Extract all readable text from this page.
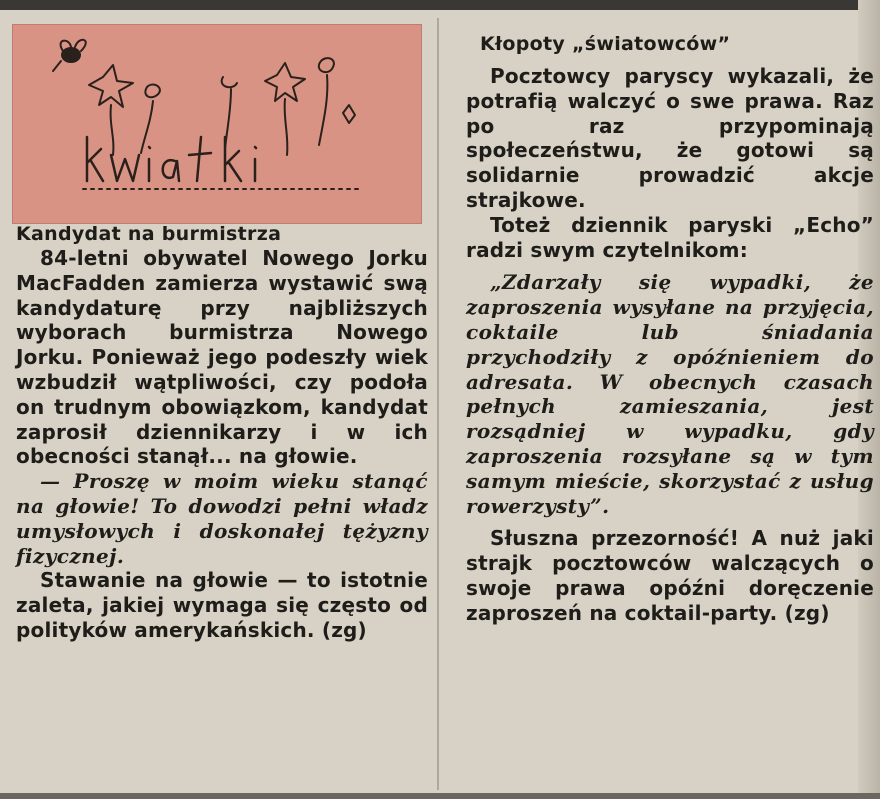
Kandydat na burmistrza

84-letni obywatel Nowego Jorku MacFadden zamierza wystawić swą kandydaturę przy najbliższych wyborach burmistrza Nowego Jorku. Ponieważ jego podeszły wiek wzbudził wątpliwości, czy podoła on trudnym obowiązkom, kandydat zaprosił dziennikarzy i w ich obecności stanął... na głowie.

— Proszę w moim wieku stanąć na głowie! To dowodzi pełni władz umysłowych i doskonałej tężyzny fizycznej.

Stawanie na głowie — to istotnie zaleta, jakiej wymaga się często od polityków amerykańskich. (zg)

Kłopoty „światowców”

Pocztowcy paryscy wykazali, że potrafią walczyć o swe prawa. Raz po raz przypominają społeczeństwu, że gotowi są solidarnie prowadzić akcje strajkowe.

Toteż dziennik paryski „Echo” radzi swym czytelnikom:

„Zdarzały się wypadki, że zaproszenia wysyłane na przyjęcia, coktaile lub śniadania przychodziły z opóźnieniem do adresata. W obecnych czasach pełnych zamieszania, jest rozsądniej w wypadku, gdy zaproszenia rozsyłane są w tym samym mieście, skorzystać z usług rowerzysty”.

Słuszna przezorność! A nuż jaki strajk pocztowców walczących o swoje prawa opóźni doręczenie zaproszeń na coktail-party. (zg)
